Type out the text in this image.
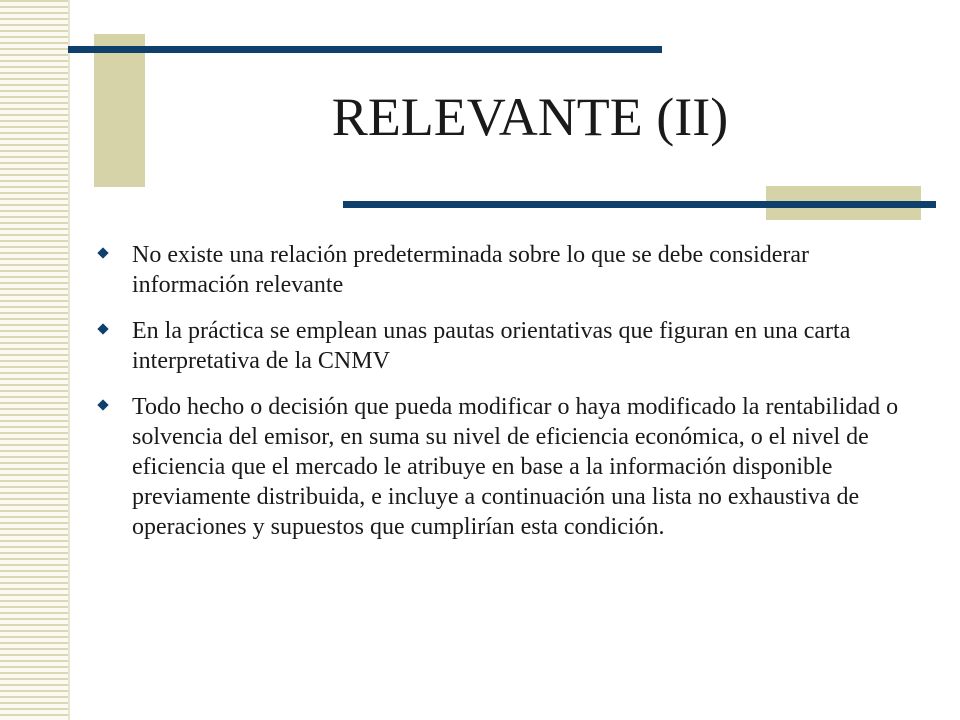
RELEVANTE (II)
No existe una relación predeterminada sobre lo que se debe considerar información relevante
En la práctica se emplean unas pautas orientativas que figuran en una carta interpretativa de la CNMV
Todo hecho o decisión que pueda modificar o haya modificado la rentabilidad o solvencia del emisor, en suma su nivel de eficiencia económica, o el nivel de eficiencia que el mercado le atribuye en base a la información disponible previamente distribuida, e incluye a continuación una lista no exhaustiva de operaciones y supuestos que cumplirían esta condición.
